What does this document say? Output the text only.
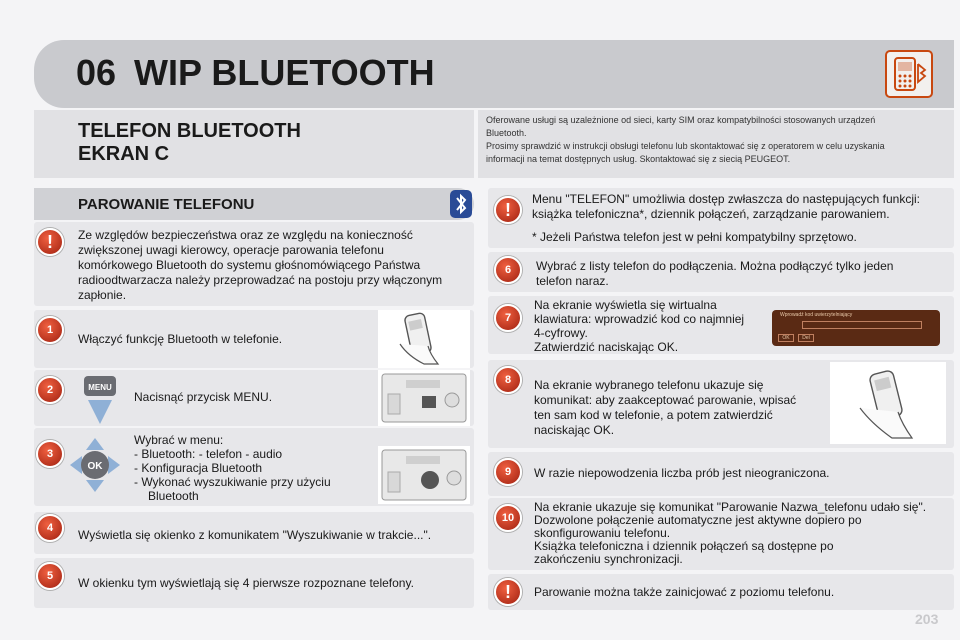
06 WIP BLUETOOTH
TELEFON BLUETOOTH
EKRAN C
Oferowane usługi są uzależnione od sieci, karty SIM oraz kompatybilności stosowanych urządzeń
Bluetooth.
Prosimy sprawdzić w instrukcji obsługi telefonu lub skontaktować się z operatorem w celu uzyskania
informacji na temat dostępnych usług. Skontaktować się z siecią PEUGEOT.
PAROWANIE TELEFONU
!	Ze względów bezpieczeństwa oraz ze względu na konieczność
zwiększonej uwagi kierowcy, operacje parowania telefonu
komórkowego Bluetooth do systemu głośnomówiącego Państwa
radioodtwarzacza należy przeprowadzać na postoju przy włączonym
zapłonie.
1
Włączyć funkcję Bluetooth w telefonie.
2	MENU
Nacisnąć przycisk MENU.
3
OK
Wybrać w menu:
- Bluetooth: - telefon - audio
- Konfiguracja Bluetooth
- Wykonać wyszukiwanie przy użyciu
Bluetooth
4	Wyświetla się okienko z komunikatem "Wyszukiwanie w trakcie...".
5	W okienku tym wyświetlają się 4 pierwsze rozpoznane telefony.
!
Menu "TELEFON" umożliwia dostęp zwłaszcza do następujących funkcji:
książka telefoniczna*, dziennik połączeń, zarządzanie parowaniem.
* Jeżeli Państwa telefon jest w pełni kompatybilny sprzętowo.
6	Wybrać z listy telefon do podłączenia. Można podłączyć tylko jeden
telefon naraz.
7
Na ekranie wyświetla się wirtualna
klawiatura: wprowadzić kod co najmniej
4-cyfrowy.
Zatwierdzić naciskając OK.
Wprowadź kod uwierzytelniający
OK	Del
8	Na ekranie wybranego telefonu ukazuje się
komunikat: aby zaakceptować parowanie, wpisać
ten sam kod w telefonie, a potem zatwierdzić
naciskając OK.
9	W razie niepowodzenia liczba prób jest nieograniczona.
10
Na ekranie ukazuje się komunikat "Parowanie Nazwa_telefonu udało się".
Dozwolone połączenie automatyczne jest aktywne dopiero po
skonfigurowaniu telefonu.
Książka telefoniczna i dziennik połączeń są dostępne po
zakończeniu synchronizacji.
!	Parowanie można także zainicjować z poziomu telefonu.
203
